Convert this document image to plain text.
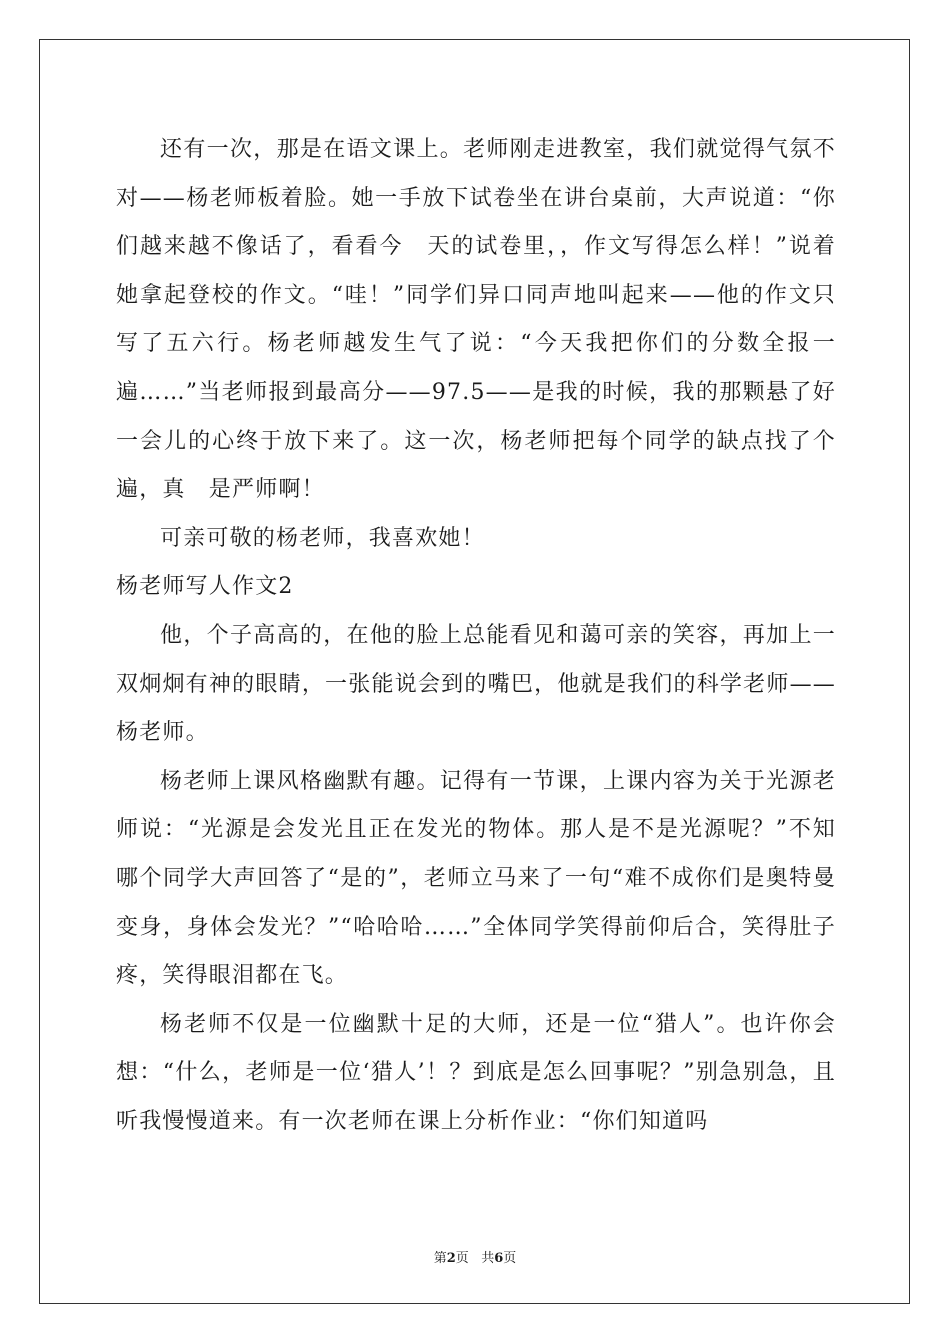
还有一次，那是在语文课上。老师刚走进教室，我们就觉得气氛不对——杨老师板着脸。她一手放下试卷坐在讲台桌前，大声说道：“你们越来越不像话了，看看今　天的试卷里，，作文写得怎么样！”说着她拿起登校的作文。“哇！”同学们异口同声地叫起来——他的作文只写了五六行。杨老师越发生气了说：“今天我把你们的分数全报一遍……”当老师报到最高分——97.5——是我的时候，我的那颗悬了好一会儿的心终于放下来了。这一次，杨老师把每个同学的缺点找了个遍，真　是严师啊！

可亲可敬的杨老师，我喜欢她！

杨老师写人作文2

他，个子高高的，在他的脸上总能看见和蔼可亲的笑容，再加上一双炯炯有神的眼睛，一张能说会到的嘴巴，他就是我们的科学老师——杨老师。

杨老师上课风格幽默有趣。记得有一节课，上课内容为关于光源老师说：“光源是会发光且正在发光的物体。那人是不是光源呢？”不知哪个同学大声回答了“是的”，老师立马来了一句“难不成你们是奥特曼变身，身体会发光？”“哈哈哈……”全体同学笑得前仰后合，笑得肚子疼，笑得眼泪都在飞。

杨老师不仅是一位幽默十足的大师，还是一位“猎人”。也许你会想：“什么，老师是一位‘猎人’！？到底是怎么回事呢？”别急别急，且听我慢慢道来。有一次老师在课上分析作业：“你们知道吗

第2页 共6页
